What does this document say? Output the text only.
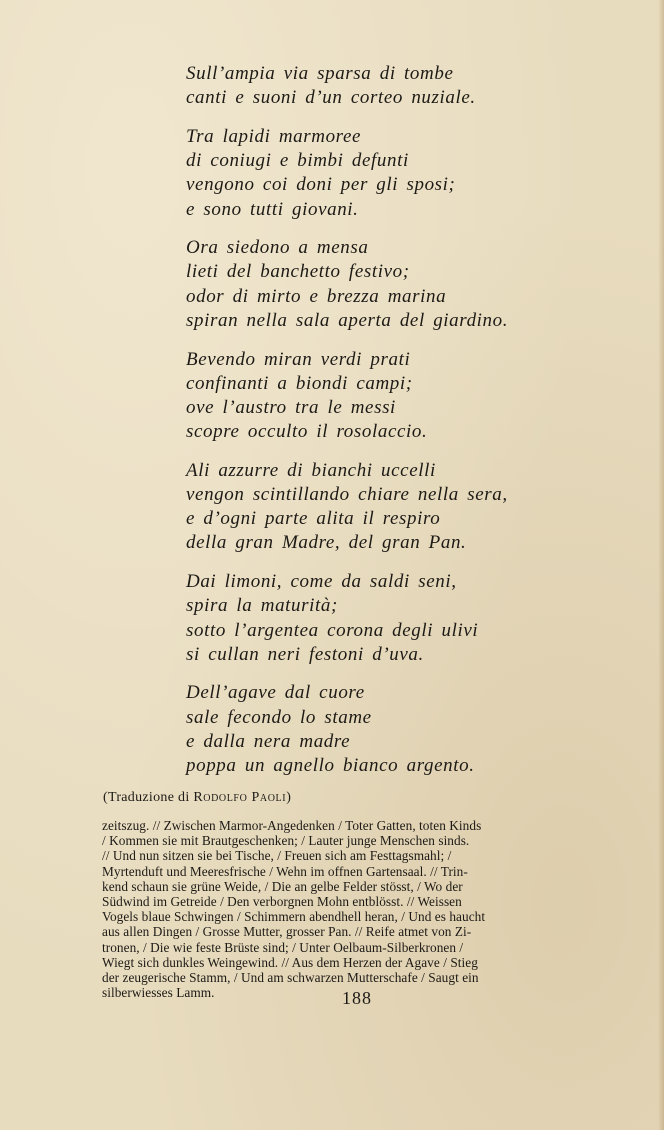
Sull’ampia via sparsa di tombe
canti e suoni d’un corteo nuziale.
Tra lapidi marmoree
di coniugi e bimbi defunti
vengono coi doni per gli sposi;
e sono tutti giovani.
Ora siedono a mensa
lieti del banchetto festivo;
odor di mirto e brezza marina
spiran nella sala aperta del giardino.
Bevendo miran verdi prati
confinanti a biondi campi;
ove l’austro tra le messi
scopre occulto il rosolaccio.
Ali azzurre di bianchi uccelli
vengon scintillando chiare nella sera,
e d’ogni parte alita il respiro
della gran Madre, del gran Pan.
Dai limoni, come da saldi seni,
spira la maturità;
sotto l’argentea corona degli ulivi
si cullan neri festoni d’uva.
Dell’agave dal cuore
sale fecondo lo stame
e dalla nera madre
poppa un agnello bianco argento.
(Traduzione di Rodolfo Paoli)
zeitszug. // Zwischen Marmor-Angedenken / Toter Gatten, toten Kinds
/ Kommen sie mit Brautgeschenken; / Lauter junge Menschen sinds.
// Und nun sitzen sie bei Tische, / Freuen sich am Festtagsmahl; /
Myrtenduft und Meeresfrische / Wehn im offnen Gartensaal. // Trin-
kend schaun sie grüne Weide, / Die an gelbe Felder stösst, / Wo der
Südwind im Getreide / Den verborgnen Mohn entblösst. // Weissen
Vogels blaue Schwingen / Schimmern abendhell heran, / Und es haucht
aus allen Dingen / Grosse Mutter, grosser Pan. // Reife atmet von Zi-
tronen, / Die wie feste Brüste sind; / Unter Oelbaum-Silberkronen /
Wiegt sich dunkles Weingewind. // Aus dem Herzen der Agave / Stieg
der zeugerische Stamm, / Und am schwarzen Mutterschafe / Saugt ein
silberwiesses Lamm.	188
